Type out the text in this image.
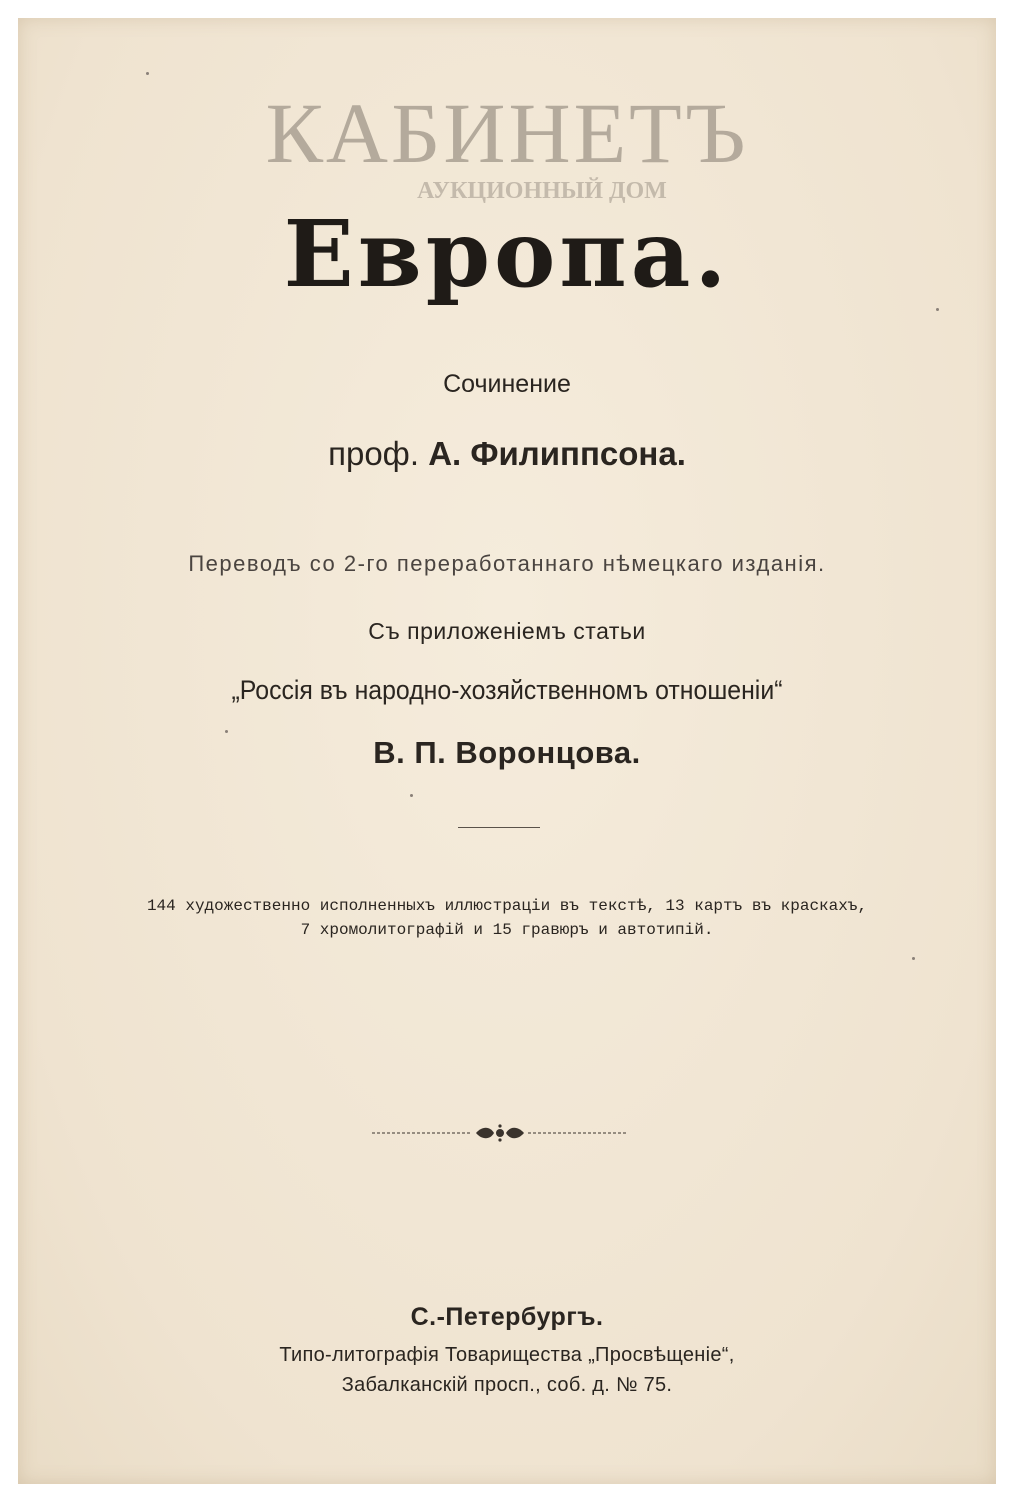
КАБИНЕТЪ
АУКЦИОННЫЙ ДОМ
Европа.
Сочинение
проф. А. Филиппсона.
Переводъ со 2-го переработаннаго нѣмецкаго изданія.
Съ приложеніемъ статьи
„Россія въ народно-хозяйственномъ отношеніи“
В. П. Воронцова.
144 художественно исполненныхъ иллюстраціи въ текстѣ, 13 картъ въ краскахъ,
7 хромолитографій и 15 гравюръ и автотипій.
С.-Петербургъ.
Типо-литографія Товарищества „Просвѣщеніе“,
Забалканскій просп., соб. д. № 75.
